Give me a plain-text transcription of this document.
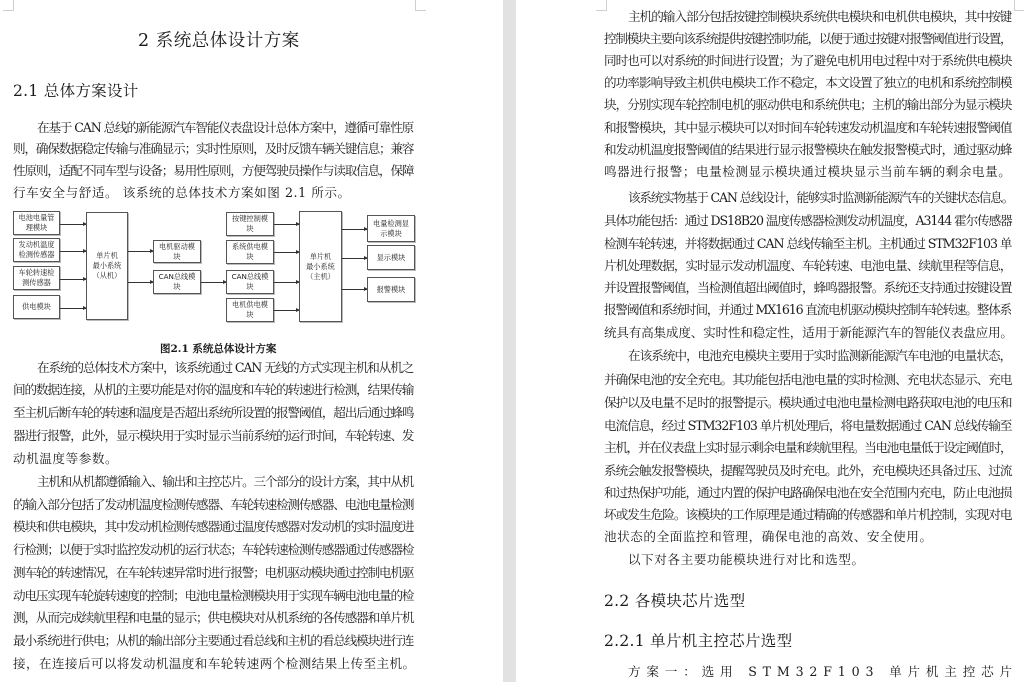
2 系统总体设计方案
2.1 总体方案设计
在基于 CAN 总线的新能源汽车智能仪表盘设计总体方案中，遵循可靠性原
则，确保数据稳定传输与准确显示；实时性原则，及时反馈车辆关键信息；兼容
性原则，适配不同车型与设备；易用性原则，方便驾驶员操作与读取信息，保障
行车安全与舒适。 该系统的总体技术方案如图 2.1 所示。
电池电量管理模块
发动机温度检测传感器
车轮转速检测传感器
供电模块
单片机
最小系统
（从机）
电机驱动模块
CAN总线模块
按键控制模块
系统供电模块
CAN总线模块
电机供电模块
单片机
最小系统
（主机）
电量检测显示模块
显示模块
报警模块
图2.1 系统总体设计方案
在系统的总体技术方案中，该系统通过 CAN 无线的方式实现主机和从机之
间的数据连接，从机的主要功能是对你的温度和车轮的转速进行检测，结果传输
至主机后断车轮的转速和温度是否超出系统所设置的报警阈值，超出后通过蜂鸣
器进行报警，此外，显示模块用于实时显示当前系统的运行时间，车轮转速、发
动机温度等参数。
主机和从机都遵循输入、输出和主控芯片。三个部分的设计方案，其中从机
的输入部分包括了发动机温度检测传感器、车轮转速检测传感器、电池电量检测
模块和供电模块，其中发动机检测传感器通过温度传感器对发动机的实时温度进
行检测；以便于实时监控发动机的运行状态；车轮转速检测传感器通过传感器检
测车轮的转速情况，在车轮转速异常时进行报警；电机驱动模块通过控制电机驱
动电压实现车轮旋转速度的控制；电池电量检测模块用于实现车辆电池电量的检
测，从而完成续航里程和电量的显示；供电模块对从机系统的各传感器和单片机
最小系统进行供电；从机的输出部分主要通过看总线和主机的看总线模块进行连
接，在连接后可以将发动机温度和车轮转速两个检测结果上传至主机。
主机的输入部分包括按键控制模块系统供电模块和电机供电模块，其中按键
控制模块主要向该系统提供按键控制功能，以便于通过按键对报警阈值进行设置，
同时也可以对系统的时间进行设置；为了避免电机用电过程中对于系统供电模块
的功率影响导致主机供电模块工作不稳定，本文设置了独立的电机和系统控制模
块，分别实现车轮控制电机的驱动供电和系统供电；主机的输出部分为显示模块
和报警模块，其中显示模块可以对时间车轮转速发动机温度和车轮转速报警阈值
和发动机温度报警阈值的结果进行显示报警模块在触发报警模式时，通过驱动蜂
鸣器进行报警；电量检测显示模块通过模块显示当前车辆的剩余电量。
该系统实物基于 CAN 总线设计，能够实时监测新能源汽车的关键状态信息。
具体功能包括：通过 DS18B20 温度传感器检测发动机温度，A3144 霍尔传感器
检测车轮转速，并将数据通过 CAN 总线传输至主机。主机通过 STM32F103 单
片机处理数据，实时显示发动机温度、车轮转速、电池电量、续航里程等信息，
并设置报警阈值，当检测值超出阈值时，蜂鸣器报警。系统还支持通过按键设置
报警阈值和系统时间，并通过 MX1616 直流电机驱动模块控制车轮转速。整体系
统具有高集成度、实时性和稳定性，适用于新能源汽车的智能仪表盘应用。
在该系统中，电池充电模块主要用于实时监测新能源汽车电池的电量状态，
并确保电池的安全充电。其功能包括电池电量的实时检测、充电状态显示、充电
保护以及电量不足时的报警提示。模块通过电池电量检测电路获取电池的电压和
电流信息，经过 STM32F103 单片机处理后，将电量数据通过 CAN 总线传输至
主机，并在仪表盘上实时显示剩余电量和续航里程。当电池电量低于设定阈值时，
系统会触发报警模块，提醒驾驶员及时充电。此外，充电模块还具备过压、过流
和过热保护功能，通过内置的保护电路确保电池在安全范围内充电，防止电池损
坏或发生危险。该模块的工作原理是通过精确的传感器和单片机控制，实现对电
池状态的全面监控和管理，确保电池的高效、安全使用。
以下对各主要功能模块进行对比和选型。
2.2 各模块芯片选型
2.2.1 单片机主控芯片选型
方案一：选用 STM32F103 单片机主控芯片
